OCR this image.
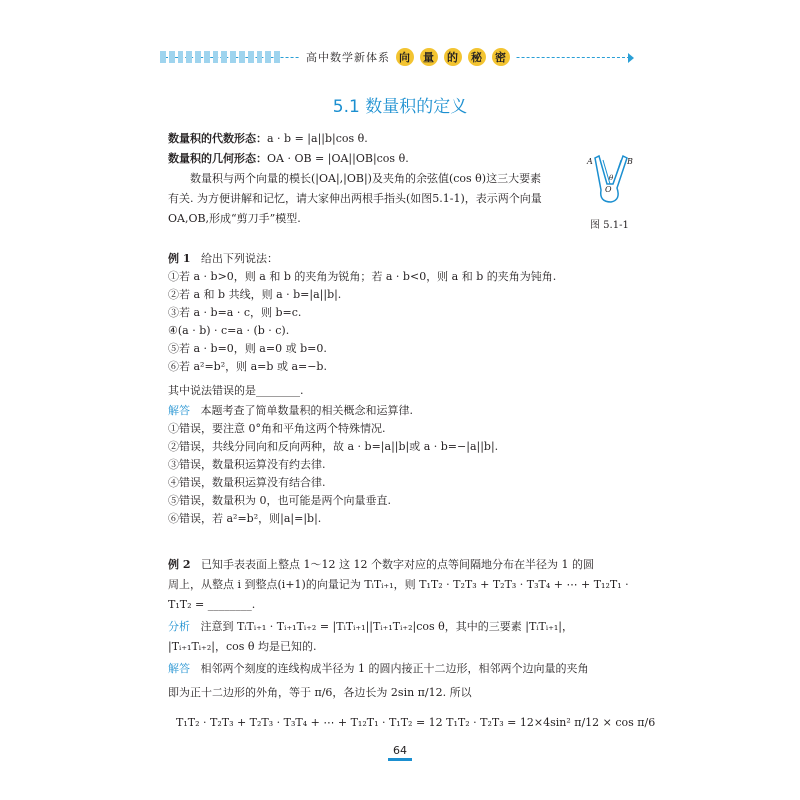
高中数学新体系 向 量 的 秘 密
5.1 数量积的定义
数量积的代数形态：a · b = |a||b|cos θ.
数量积的几何形态：OA · OB = |OA||OB|cos θ.
数量积与两个向量的模长(|OA|,|OB|)及夹角的余弦值(cos θ)这三大要素
有关. 为方便讲解和记忆，请大家伸出两根手指头(如图5.1-1)，表示两个向量
OA,OB,形成“剪刀手”模型.
A	B
O
θ
图 5.1-1
例 1 给出下列说法：
①若 a · b>0，则 a 和 b 的夹角为锐角；若 a · b<0，则 a 和 b 的夹角为钝角.
②若 a 和 b 共线，则 a · b=|a||b|.
③若 a · b=a · c，则 b=c.
④(a · b) · c=a · (b · c).
⑤若 a · b=0，则 a=0 或 b=0.
⑥若 a²=b²，则 a=b 或 a=−b.
其中说法错误的是________.
解答 本题考查了简单数量积的相关概念和运算律.
①错误，要注意 0°角和平角这两个特殊情况.
②错误，共线分同向和反向两种，故 a · b=|a||b|或 a · b=−|a||b|.
③错误，数量积运算没有约去律.
④错误，数量积运算没有结合律.
⑤错误，数量积为 0，也可能是两个向量垂直.
⑥错误，若 a²=b²，则|a|=|b|.
例 2 已知手表表面上整点 1～12 这 12 个数字对应的点等间隔地分布在半径为 1 的圆
周上，从整点 i 到整点(i+1)的向量记为 TᵢTᵢ₊₁，则 T₁T₂ · T₂T₃ + T₂T₃ · T₃T₄ + ⋯ + T₁₂T₁ ·
T₁T₂ = ________.
分析 注意到 TᵢTᵢ₊₁ · Tᵢ₊₁Tᵢ₊₂ = |TᵢTᵢ₊₁||Tᵢ₊₁Tᵢ₊₂|cos θ，其中的三要素 |TᵢTᵢ₊₁|，
|Tᵢ₊₁Tᵢ₊₂|，cos θ 均是已知的.
解答 相邻两个刻度的连线构成半径为 1 的圆内接正十二边形，相邻两个边向量的夹角
即为正十二边形的外角，等于 π/6，各边长为 2sin π/12. 所以
T₁T₂ · T₂T₃ + T₂T₃ · T₃T₄ + ⋯ + T₁₂T₁ · T₁T₂ = 12 T₁T₂ · T₂T₃ = 12×4sin² π/12 × cos π/6
64
